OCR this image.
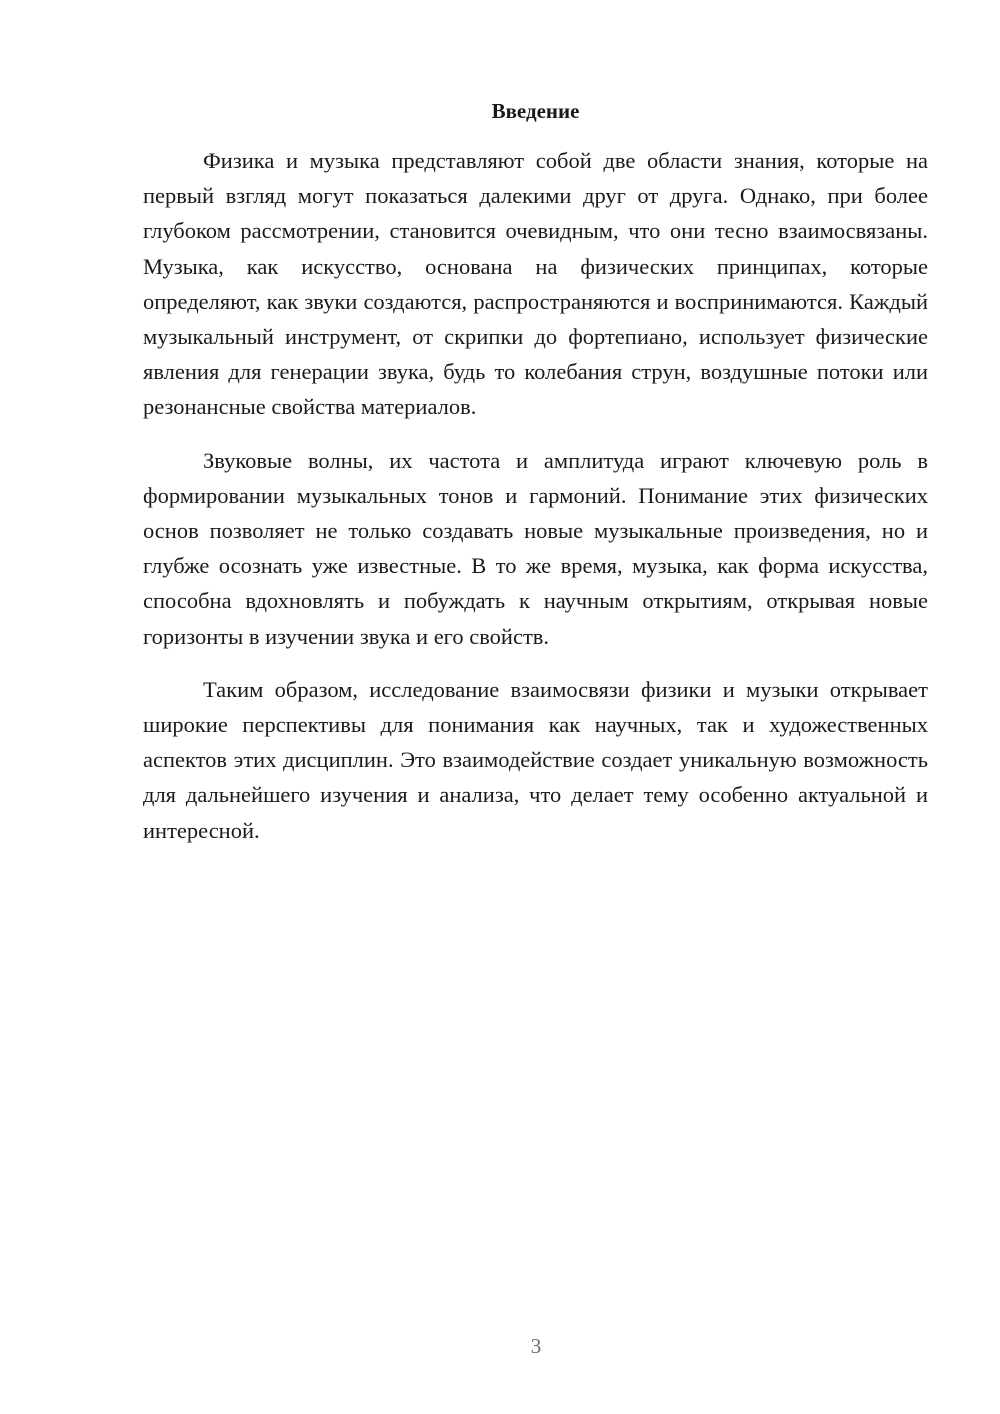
Введение

Физика и музыка представляют собой две области знания, которые на первый взгляд могут показаться далекими друг от друга. Однако, при более глубоком рассмотрении, становится очевидным, что они тесно взаимосвязаны. Музыка, как искусство, основана на физических принципах, которые определяют, как звуки создаются, распространяются и воспринимаются. Каждый музыкальный инструмент, от скрипки до фортепиано, использует физические явления для генерации звука, будь то колебания струн, воздушные потоки или резонансные свойства материалов.

Звуковые волны, их частота и амплитуда играют ключевую роль в формировании музыкальных тонов и гармоний. Понимание этих физических основ позволяет не только создавать новые музыкальные произведения, но и глубже осознать уже известные. В то же время, музыка, как форма искусства, способна вдохновлять и побуждать к научным открытиям, открывая новые горизонты в изучении звука и его свойств.

Таким образом, исследование взаимосвязи физики и музыки открывает широкие перспективы для понимания как научных, так и художественных аспектов этих дисциплин. Это взаимодействие создает уникальную возможность для дальнейшего изучения и анализа, что делает тему особенно актуальной и интересной.

3
